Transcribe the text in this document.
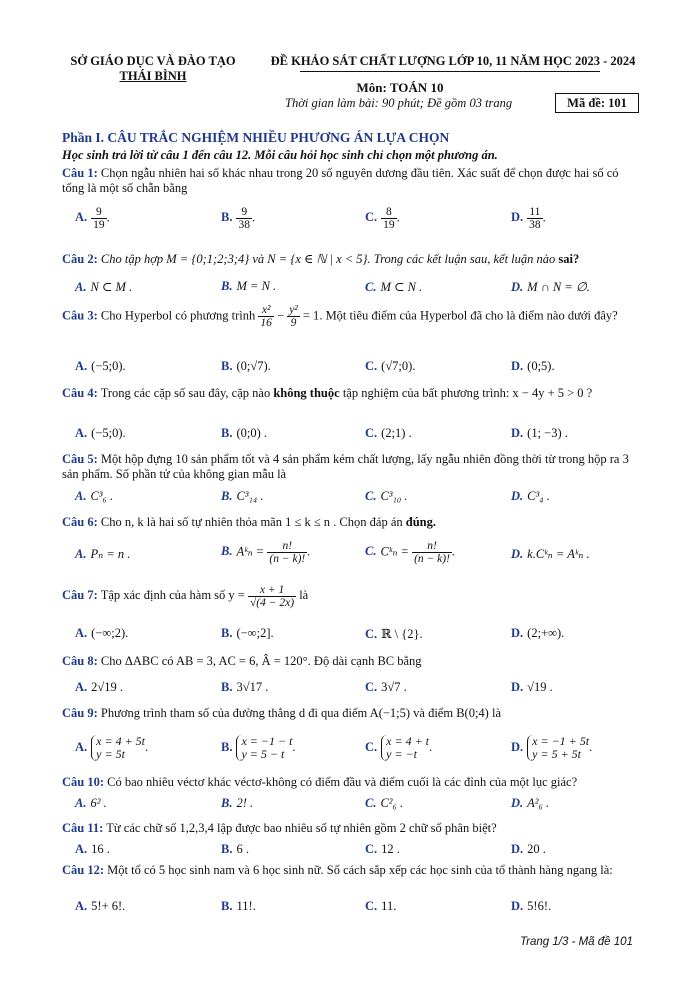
SỞ GIÁO DỤC VÀ ĐÀO TẠO
THÁI BÌNH
ĐỀ KHẢO SÁT CHẤT LƯỢNG LỚP 10, 11 NĂM HỌC 2023 - 2024
Môn: TOÁN 10
Thời gian làm bài: 90 phút; Đề gồm 03 trang	Mã đề: 101
Phần I. CÂU TRẮC NGHIỆM NHIỀU PHƯƠNG ÁN LỰA CHỌN
Học sinh trả lời từ câu 1 đến câu 12. Mỗi câu hỏi học sinh chỉ chọn một phương án.
Câu 1: Chọn ngẫu nhiên hai số khác nhau trong 20 số nguyên dương đầu tiên. Xác suất để chọn được hai số có tổng là một số chẵn bằng
A. $\frac{9}{19}$ .	B. $\frac{9}{38}$ .	C. $\frac{8}{19}$ .	D. $\frac{11}{38}$ .
Câu 2: Cho tập hợp M = {0;1;2;3;4} và N = {x ∈ ℕ | x < 5}. Trong các kết luận sau, kết luận nào sai?
A. N ⊂ M .	B. M = N .	C. M ⊂ N .	D. M ∩ N = ∅.
Câu 3: Cho Hyperbol có phương trình $\frac{\text{x²}}{16} - \frac{\text{y²}}{9} = 1$. Một tiêu điểm của Hyperbol đã cho là điểm nào dưới đây?
A. (−5;0).	B. (0;√7).	C. (√7;0).	D. (0;5).
Câu 4: Trong các cặp số sau đây, cặp nào không thuộc tập nghiệm của bất phương trình: x − 4y + 5 > 0 ?
A. (−5;0).	B. (0;0) .	C. (2;1) .	D. (1; −3) .
Câu 5: Một hộp đựng 10 sản phẩm tốt và 4 sản phẩm kém chất lượng, lấy ngẫu nhiên đồng thời từ trong hộp ra 3 sản phẩm. Số phần tử của không gian mẫu là
A. C³₆ .	B. C³₁₄ .	C. C³₁₀ .	D. C³₄ .
Câu 6: Cho n, k là hai số tự nhiên thỏa mãn 1 ≤ k ≤ n . Chọn đáp án đúng.
A. Pₙ = n .	B. Aᵏₙ = $\frac{n!}{(n - k)!}$ .	C. Cᵏₙ = $\frac{n!}{(n - k)!}$ .	D. k.Cᵏₙ = Aᵏₙ .
Câu 7: Tập xác định của hàm số $y = \frac{x + 1}{√(4 - 2x)}$ là
A. (−∞;2).	B. (−∞;2].	C. ℝ \ {2}.	D. (2;+∞).
Câu 8: Cho ΔABC có AB = 3, AC = 6, Â = 120°. Độ dài cạnh BC bằng
A. 2√19 .	B. 3√17 .	C. 3√7 .	D. √19 .
Câu 9: Phương trình tham số của đường thẳng d đi qua điểm A(−1;5) và điểm B(0;4) là
A. x = 4 + 5t
y = 5t.	B. x = −1 − t
y = 5 − t.	C. x = 4 + t
y = −t.	D. x = −1 + 5t
y = 5 + 5t.
Câu 10: Có bao nhiêu véctơ khác véctơ-không có điểm đầu và điểm cuối là các đỉnh của một lục giác?
A. 6² .	B. 2! .	C. C²₆ .	D. A²₆ .
Câu 11: Từ các chữ số 1,2,3,4 lập được bao nhiêu số tự nhiên gồm 2 chữ số phân biệt?
A. 16 .	B. 6 .	C. 12 .	D. 20 .
Câu 12: Một tổ có 5 học sinh nam và 6 học sinh nữ. Số cách sắp xếp các học sinh của tổ thành hàng ngang là:
A. 5!+ 6!.	B. 11!.	C. 11.	D. 5!6!.
Trang 1/3 - Mã đề 101
